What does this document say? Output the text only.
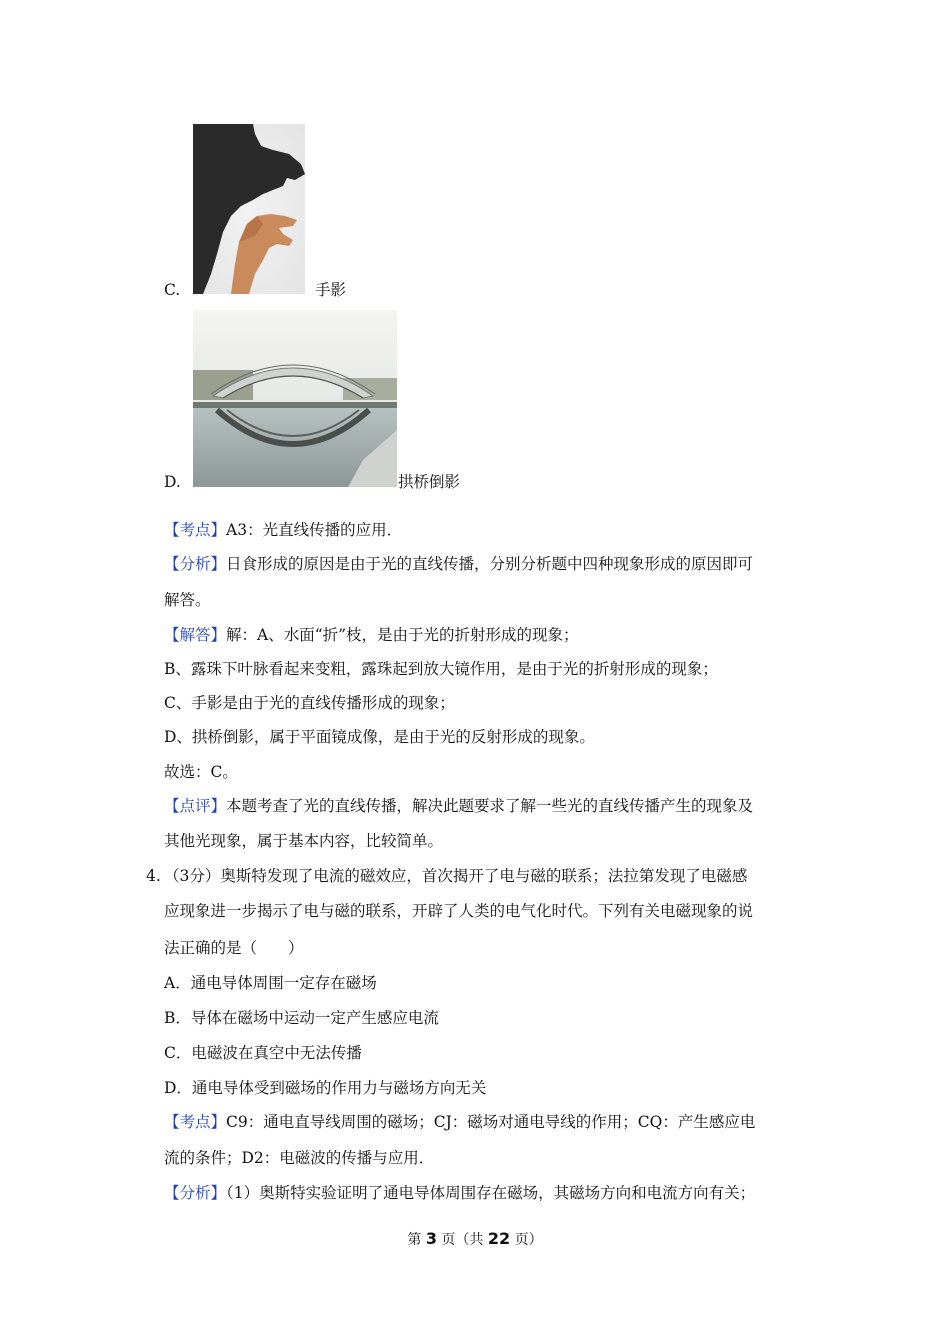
C.	手影
D.	拱桥倒影
【考点】A3：光直线传播的应用．
【分析】日食形成的原因是由于光的直线传播，分别分析题中四种现象形成的原因即可
解答。
【解答】解：A、水面“折”枝，是由于光的折射形成的现象；
B、露珠下叶脉看起来变粗，露珠起到放大镜作用，是由于光的折射形成的现象；
C、手影是由于光的直线传播形成的现象；
D、拱桥倒影，属于平面镜成像，是由于光的反射形成的现象。
故选：C。
【点评】本题考查了光的直线传播，解决此题要求了解一些光的直线传播产生的现象及
其他光现象，属于基本内容，比较简单。
4. （3分）奥斯特发现了电流的磁效应，首次揭开了电与磁的联系；法拉第发现了电磁感
应现象进一步揭示了电与磁的联系，开辟了人类的电气化时代。下列有关电磁现象的说
法正确的是（　　）
A．通电导体周围一定存在磁场
B．导体在磁场中运动一定产生感应电流
C．电磁波在真空中无法传播
D．通电导体受到磁场的作用力与磁场方向无关
【考点】C9：通电直导线周围的磁场；CJ：磁场对通电导线的作用；CQ：产生感应电
流的条件；D2：电磁波的传播与应用．
【分析】（1）奥斯特实验证明了通电导体周围存在磁场，其磁场方向和电流方向有关；
第 3 页（共 22 页）
